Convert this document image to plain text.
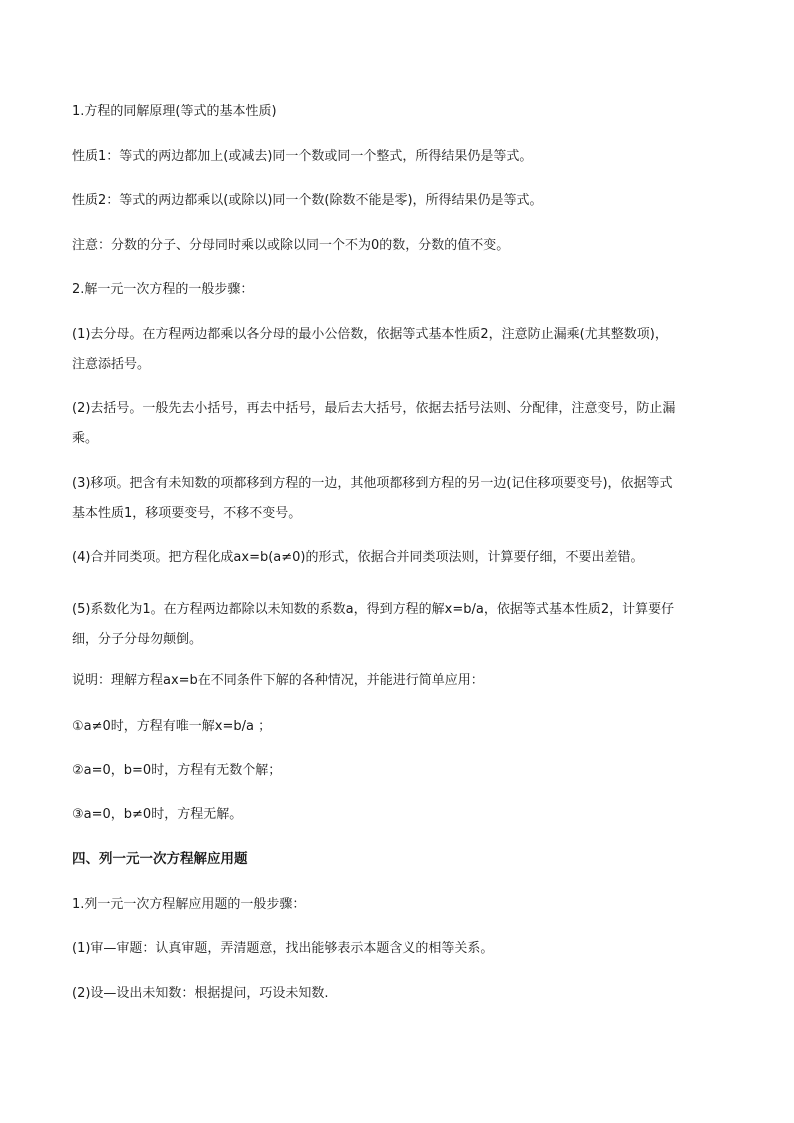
1.方程的同解原理(等式的基本性质)
性质1：等式的两边都加上(或减去)同一个数或同一个整式，所得结果仍是等式。
性质2：等式的两边都乘以(或除以)同一个数(除数不能是零)，所得结果仍是等式。
注意：分数的分子、分母同时乘以或除以同一个不为0的数，分数的值不变。
2.解一元一次方程的一般步骤：
(1)去分母。在方程两边都乘以各分母的最小公倍数，依据等式基本性质2，注意防止漏乘(尤其整数项)，
注意添括号。
(2)去括号。一般先去小括号，再去中括号，最后去大括号，依据去括号法则、分配律，注意变号，防止漏
乘。
(3)移项。把含有未知数的项都移到方程的一边，其他项都移到方程的另一边(记住移项要变号)，依据等式
基本性质1，移项要变号，不移不变号。
(4)合并同类项。把方程化成ax=b(a≠0)的形式，依据合并同类项法则，计算要仔细，不要出差错。
(5)系数化为1。在方程两边都除以未知数的系数a，得到方程的解x=b/a，依据等式基本性质2，计算要仔
细，分子分母勿颠倒。
说明：理解方程ax=b在不同条件下解的各种情况，并能进行简单应用：
①a≠0时，方程有唯一解x=b/a ；
②a=0，b=0时，方程有无数个解；
③a=0，b≠0时，方程无解。
四、列一元一次方程解应用题
1.列一元一次方程解应用题的一般步骤：
(1)审—审题：认真审题，弄清题意，找出能够表示本题含义的相等关系。
(2)设—设出未知数：根据提问，巧设未知数.
